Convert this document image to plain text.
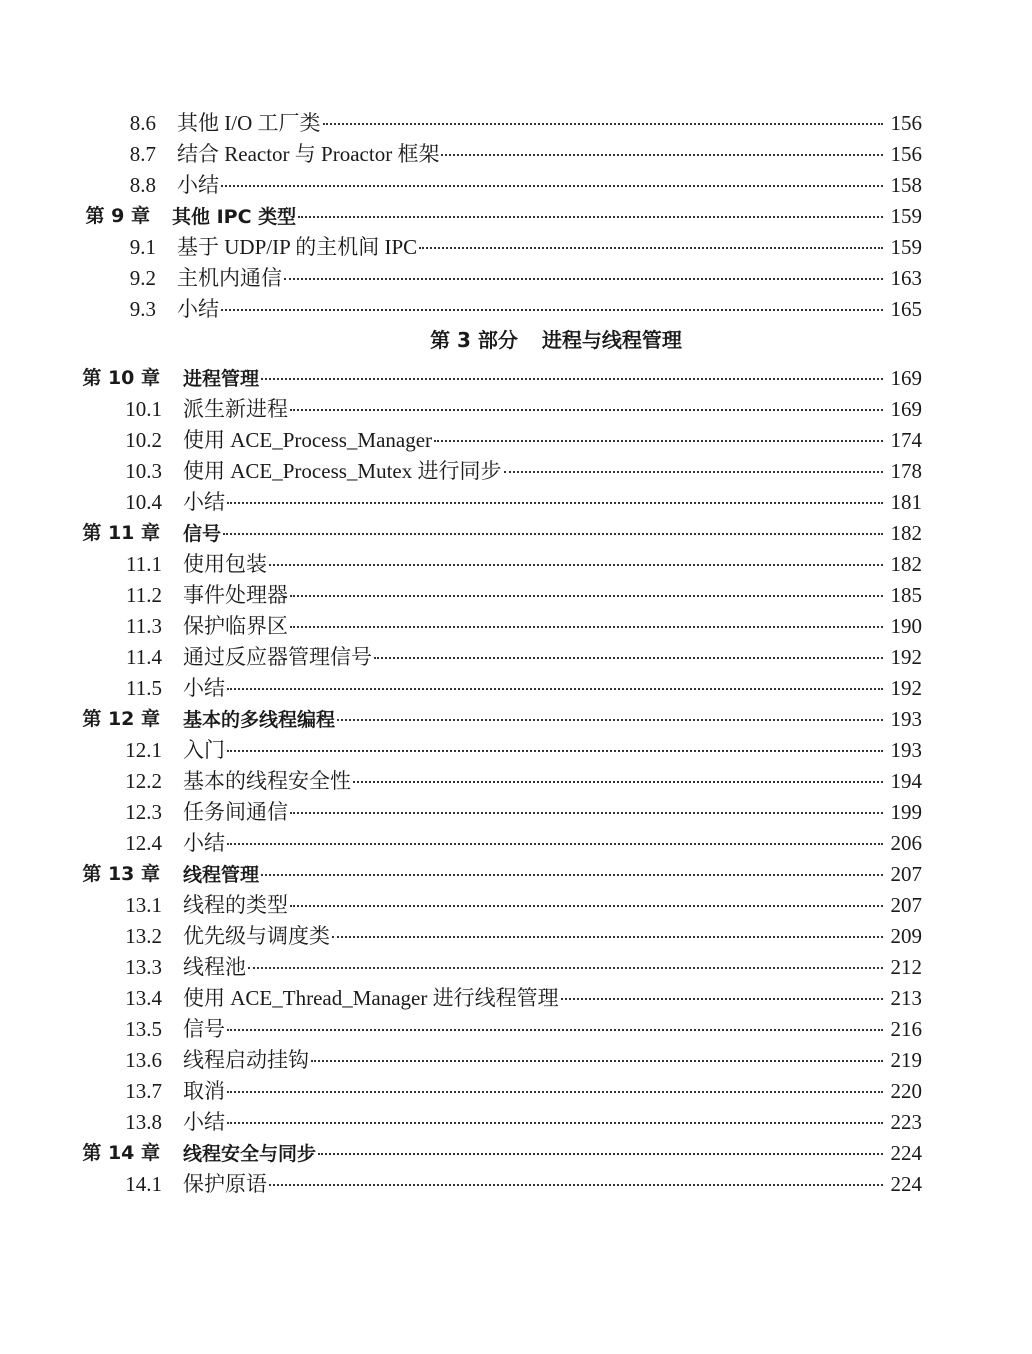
8.6 其他 I/O 工厂类	156
8.7 结合 Reactor 与 Proactor 框架	156
8.8 小结	158
第 9 章 其他 IPC 类型	159
9.1 基于 UDP/IP 的主机间 IPC	159
9.2 主机内通信	163
9.3 小结	165
第 3 部分 进程与线程管理
第 10 章 进程管理	169
10.1 派生新进程	169
10.2 使用 ACE_Process_Manager	174
10.3 使用 ACE_Process_Mutex 进行同步	178
10.4 小结	181
第 11 章 信号	182
11.1 使用包装	182
11.2 事件处理器	185
11.3 保护临界区	190
11.4 通过反应器管理信号	192
11.5 小结	192
第 12 章 基本的多线程编程	193
12.1 入门	193
12.2 基本的线程安全性	194
12.3 任务间通信	199
12.4 小结	206
第 13 章 线程管理	207
13.1 线程的类型	207
13.2 优先级与调度类	209
13.3 线程池	212
13.4 使用 ACE_Thread_Manager 进行线程管理	213
13.5 信号	216
13.6 线程启动挂钩	219
13.7 取消	220
13.8 小结	223
第 14 章 线程安全与同步	224
14.1 保护原语	224
